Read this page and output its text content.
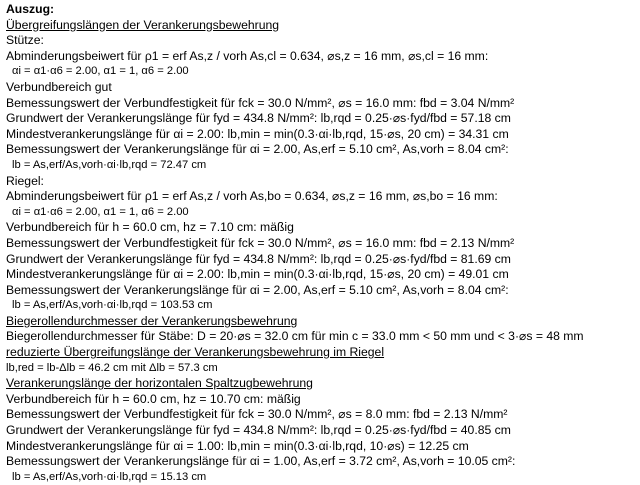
Auszug:
Übergreifungslängen der Verankerungsbewehrung
Stütze:
Abminderungsbeiwert für ρ1 = erf As,z / vorh As,cl = 0.634, ⌀s,z = 16 mm, ⌀s,cl = 16 mm:
αi = α1·α6 = 2.00, α1 = 1, α6 = 2.00
Verbundbereich gut
Bemessungswert der Verbundfestigkeit für fck = 30.0 N/mm², ⌀s = 16.0 mm: fbd = 3.04 N/mm²
Grundwert der Verankerungslänge für fyd = 434.8 N/mm²: lb,rqd = 0.25·⌀s·fyd/fbd = 57.18 cm
Mindestverankerungslänge für αi = 2.00: lb,min = min(0.3·αi·lb,rqd, 15·⌀s, 20 cm) = 34.31 cm
Bemessungswert der Verankerungslänge für αi = 2.00, As,erf = 5.10 cm², As,vorh = 8.04 cm²:
lb = As,erf/As,vorh·αi·lb,rqd = 72.47 cm
Riegel:
Abminderungsbeiwert für ρ1 = erf As,z / vorh As,bo = 0.634, ⌀s,z = 16 mm, ⌀s,bo = 16 mm:
αi = α1·α6 = 2.00, α1 = 1, α6 = 2.00
Verbundbereich für h = 60.0 cm, hz = 7.10 cm: mäßig
Bemessungswert der Verbundfestigkeit für fck = 30.0 N/mm², ⌀s = 16.0 mm: fbd = 2.13 N/mm²
Grundwert der Verankerungslänge für fyd = 434.8 N/mm²: lb,rqd = 0.25·⌀s·fyd/fbd = 81.69 cm
Mindestverankerungslänge für αi = 2.00: lb,min = min(0.3·αi·lb,rqd, 15·⌀s, 20 cm) = 49.01 cm
Bemessungswert der Verankerungslänge für αi = 2.00, As,erf = 5.10 cm², As,vorh = 8.04 cm²:
lb = As,erf/As,vorh·αi·lb,rqd = 103.53 cm
Biegerollendurchmesser der Verankerungsbewehrung
Biegerollendurchmesser für Stäbe: D = 20·⌀s = 32.0 cm für min c = 33.0 mm < 50 mm und < 3·⌀s = 48 mm
reduzierte Übergreifungslänge der Verankerungsbewehrung im Riegel
lb,red = lb-Δlb = 46.2 cm mit Δlb = 57.3 cm
Verankerungslänge der horizontalen Spaltzugbewehrung
Verbundbereich für h = 60.0 cm, hz = 10.70 cm: mäßig
Bemessungswert der Verbundfestigkeit für fck = 30.0 N/mm², ⌀s = 8.0 mm: fbd = 2.13 N/mm²
Grundwert der Verankerungslänge für fyd = 434.8 N/mm²: lb,rqd = 0.25·⌀s·fyd/fbd = 40.85 cm
Mindestverankerungslänge für αi = 1.00: lb,min = min(0.3·αi·lb,rqd, 10·⌀s) = 12.25 cm
Bemessungswert der Verankerungslänge für αi = 1.00, As,erf = 3.72 cm², As,vorh = 10.05 cm²:
lb = As,erf/As,vorh·αi·lb,rqd = 15.13 cm
